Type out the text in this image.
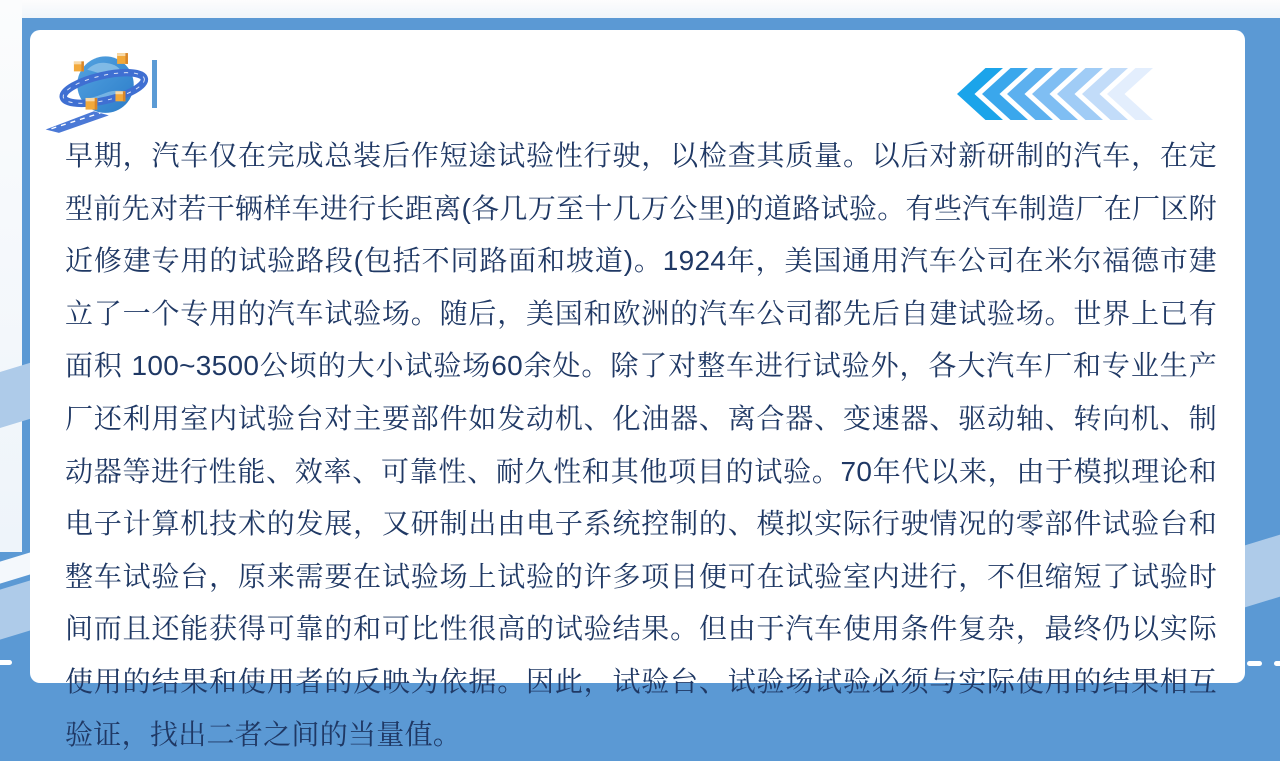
早期，汽车仅在完成总装后作短途试验性行驶，以检查其质量。以后对新研制的汽车，在定型前先对若干辆样车进行长距离(各几万至十几万公里)的道路试验。有些汽车制造厂在厂区附近修建专用的试验路段(包括不同路面和坡道)。1924年，美国通用汽车公司在米尔福德市建立了一个专用的汽车试验场。随后，美国和欧洲的汽车公司都先后自建试验场。世界上已有面积 100~3500公顷的大小试验场60余处。除了对整车进行试验外，各大汽车厂和专业生产厂还利用室内试验台对主要部件如发动机、化油器、离合器、变速器、驱动轴、转向机、制动器等进行性能、效率、可靠性、耐久性和其他项目的试验。70年代以来，由于模拟理论和电子计算机技术的发展，又研制出由电子系统控制的、模拟实际行驶情况的零部件试验台和整车试验台，原来需要在试验场上试验的许多项目便可在试验室内进行，不但缩短了试验时间而且还能获得可靠的和可比性很高的试验结果。但由于汽车使用条件复杂，最终仍以实际使用的结果和使用者的反映为依据。因此，试验台、试验场试验必须与实际使用的结果相互验证，找出二者之间的当量值。
